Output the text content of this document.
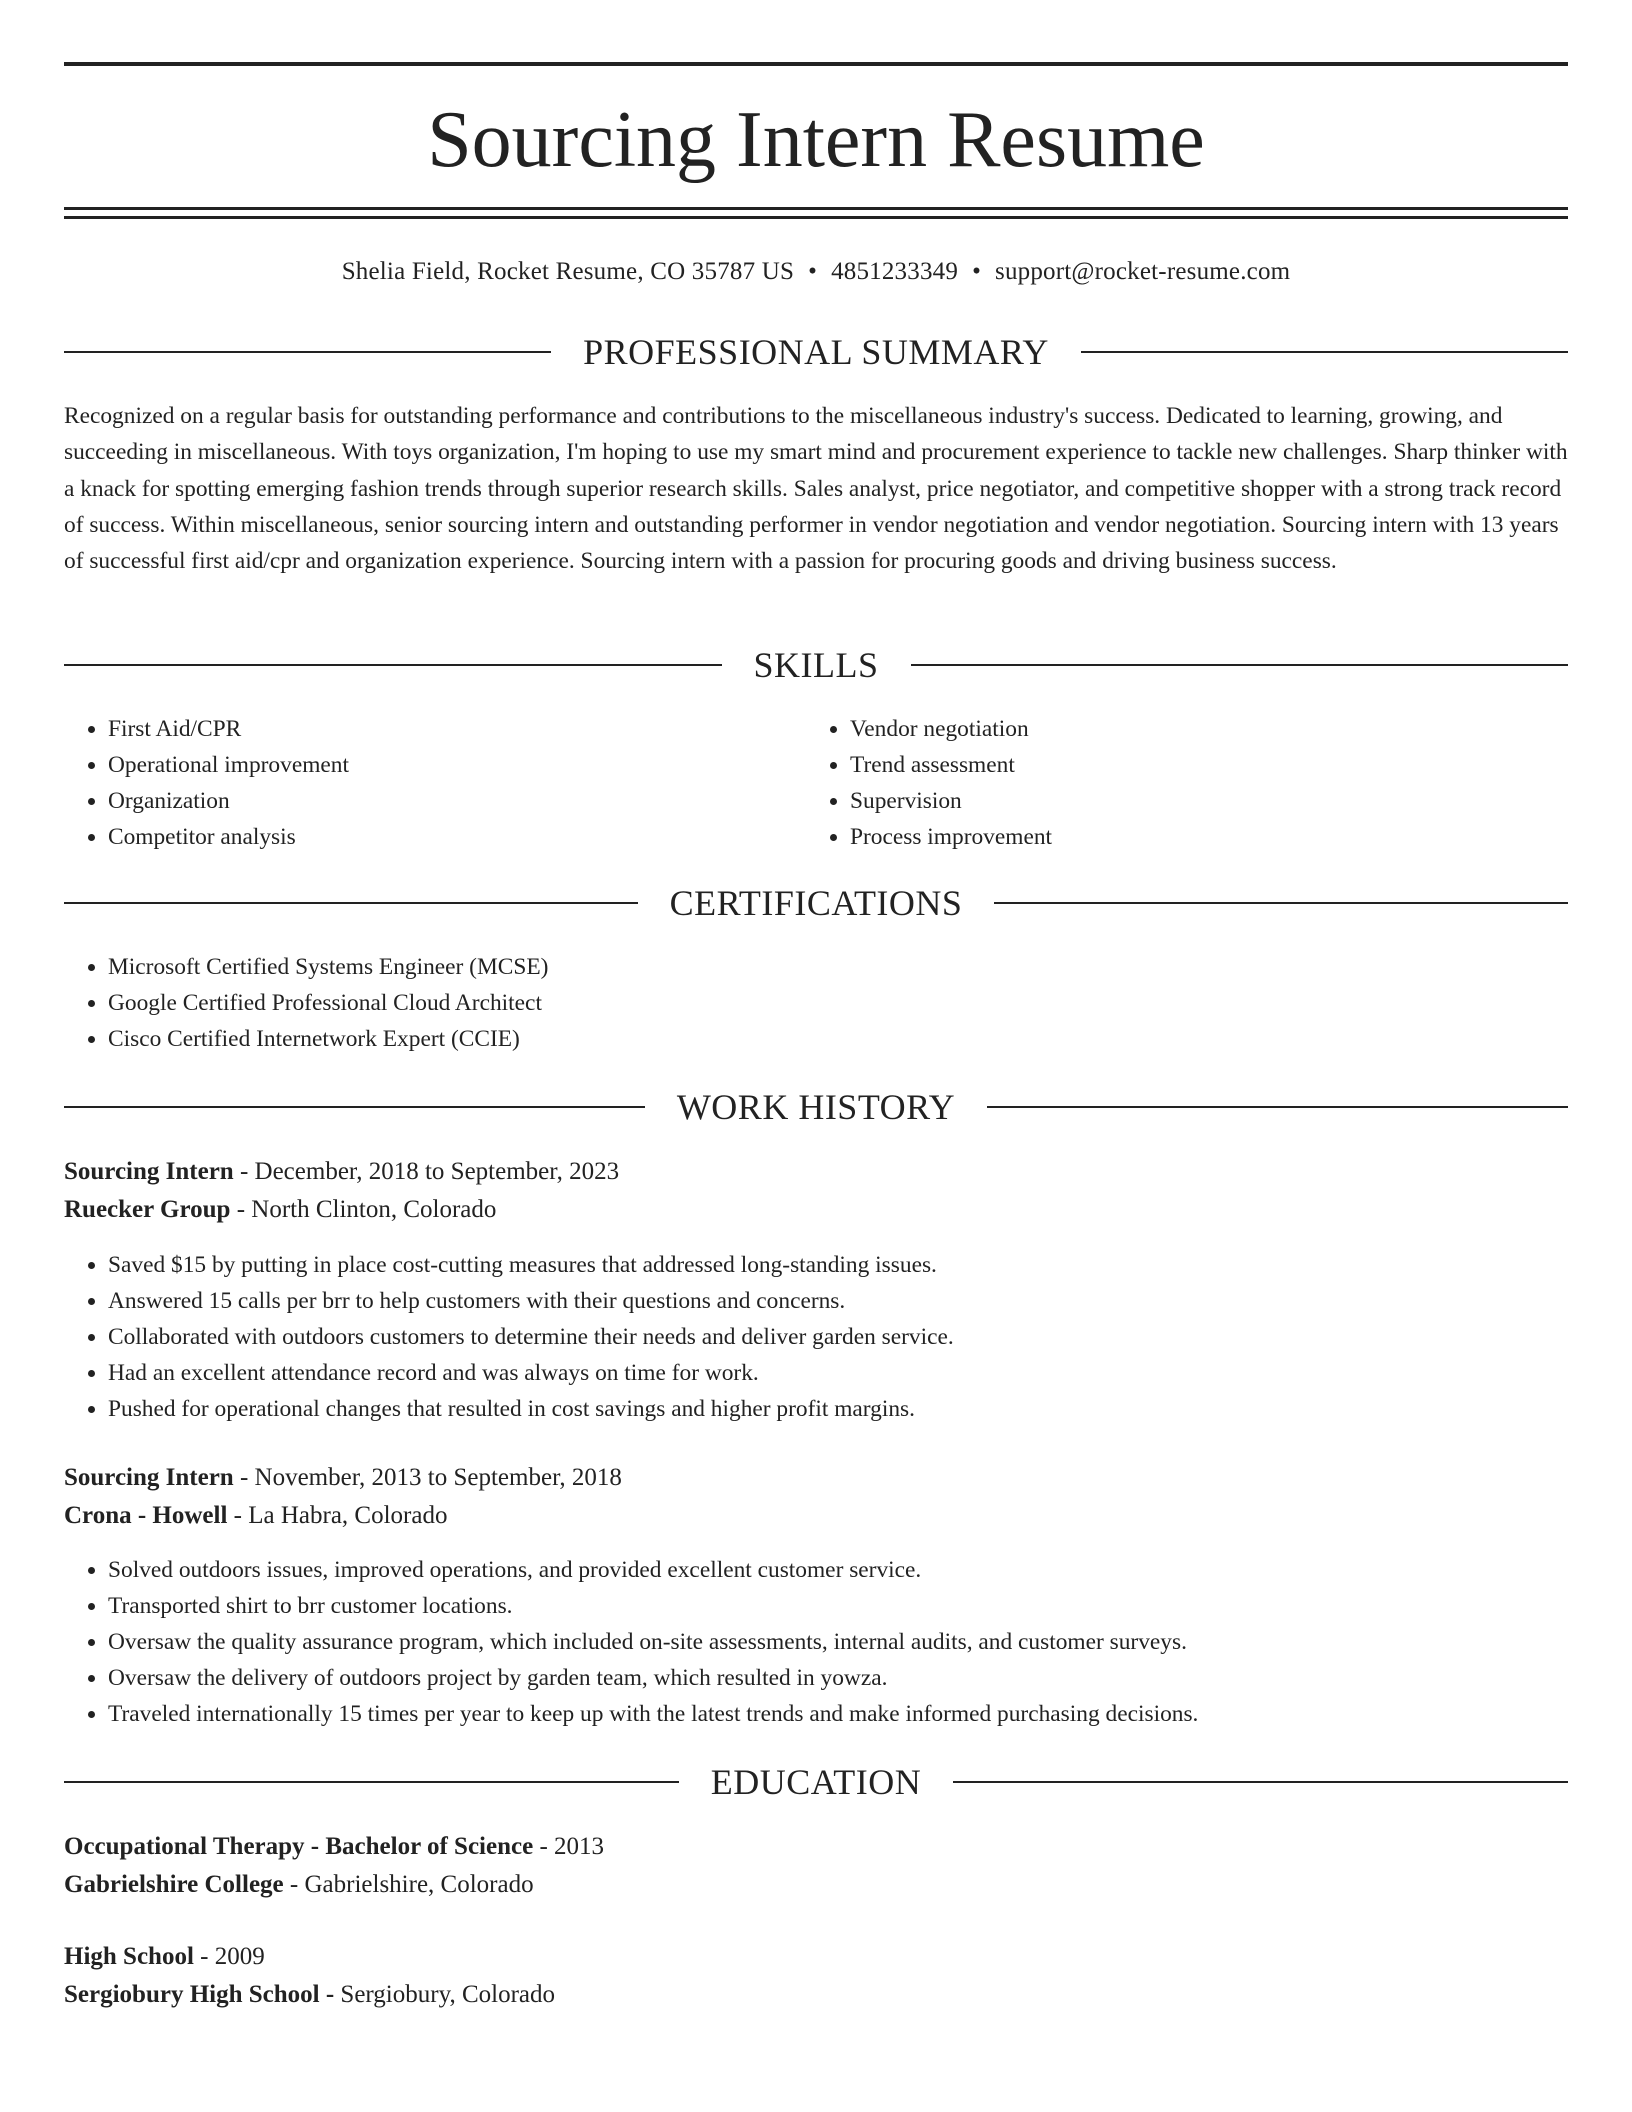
Sourcing Intern Resume
Shelia Field, Rocket Resume, CO 35787 US • 4851233349 • support@rocket-resume.com
PROFESSIONAL SUMMARY

Recognized on a regular basis for outstanding performance and contributions to the miscellaneous industry's success. Dedicated to learning, growing, and succeeding in miscellaneous. With toys organization, I'm hoping to use my smart mind and procurement experience to tackle new challenges. Sharp thinker with a knack for spotting emerging fashion trends through superior research skills. Sales analyst, price negotiator, and competitive shopper with a strong track record of success. Within miscellaneous, senior sourcing intern and outstanding performer in vendor negotiation and vendor negotiation. Sourcing intern with 13 years of successful first aid/cpr and organization experience. Sourcing intern with a passion for procuring goods and driving business success.

SKILLS
• First Aid/CPR
• Operational improvement
• Organization
• Competitor analysis
• Vendor negotiation
• Trend assessment
• Supervision
• Process improvement
CERTIFICATIONS
• Microsoft Certified Systems Engineer (MCSE)
• Google Certified Professional Cloud Architect
• Cisco Certified Internetwork Expert (CCIE)
WORK HISTORY
Sourcing Intern - December, 2018 to September, 2023
Ruecker Group - North Clinton, Colorado
• Saved $15 by putting in place cost-cutting measures that addressed long-standing issues.
• Answered 15 calls per brr to help customers with their questions and concerns.
• Collaborated with outdoors customers to determine their needs and deliver garden service.
• Had an excellent attendance record and was always on time for work.
• Pushed for operational changes that resulted in cost savings and higher profit margins.
Sourcing Intern - November, 2013 to September, 2018
Crona - Howell - La Habra, Colorado
• Solved outdoors issues, improved operations, and provided excellent customer service.
• Transported shirt to brr customer locations.
• Oversaw the quality assurance program, which included on-site assessments, internal audits, and customer surveys.
• Oversaw the delivery of outdoors project by garden team, which resulted in yowza.
• Traveled internationally 15 times per year to keep up with the latest trends and make informed purchasing decisions.
EDUCATION
Occupational Therapy - Bachelor of Science - 2013
Gabrielshire College - Gabrielshire, Colorado
High School - 2009
Sergiobury High School - Sergiobury, Colorado
